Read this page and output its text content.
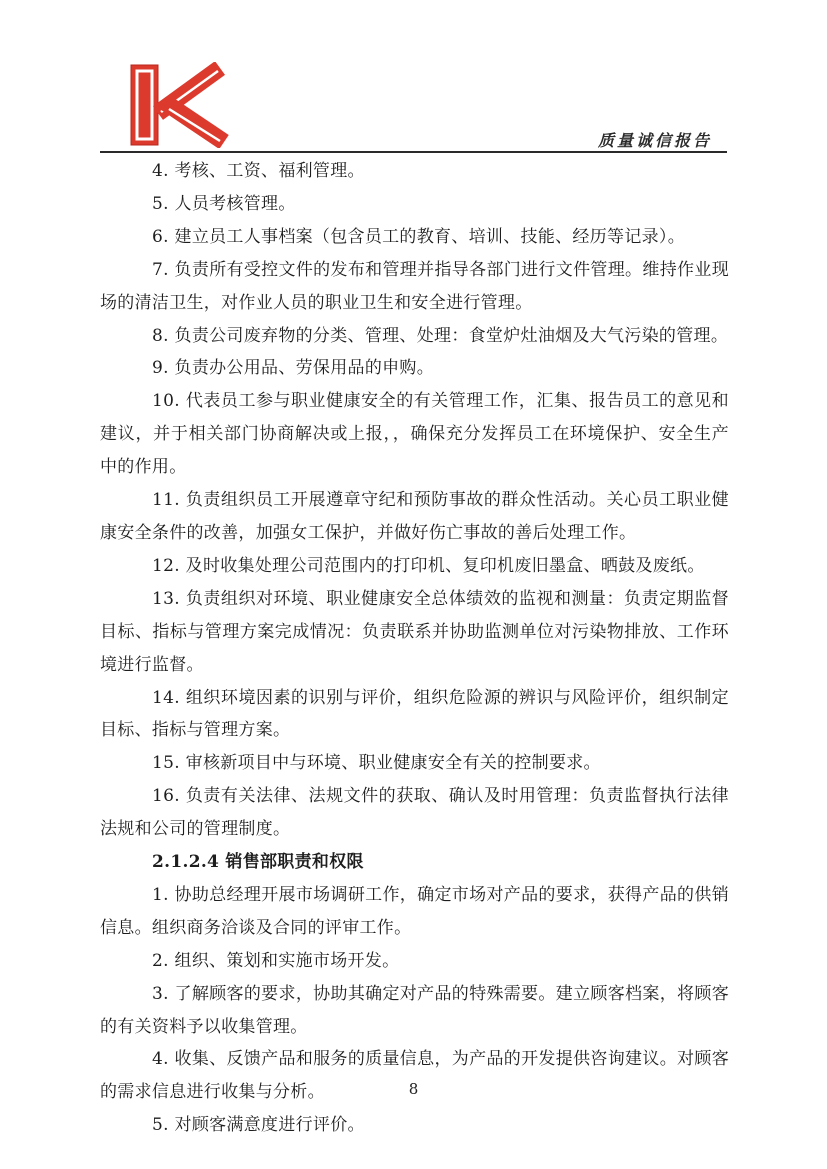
质量诚信报告

4. 考核、工资、福利管理。

5. 人员考核管理。

6. 建立员工人事档案（包含员工的教育、培训、技能、经历等记录）。

7. 负责所有受控文件的发布和管理并指导各部门进行文件管理。维持作业现场的清洁卫生，对作业人员的职业卫生和安全进行管理。

8. 负责公司废弃物的分类、管理、处理：食堂炉灶油烟及大气污染的管理。

9. 负责办公用品、劳保用品的申购。

10. 代表员工参与职业健康安全的有关管理工作，汇集、报告员工的意见和建议，并于相关部门协商解决或上报，，确保充分发挥员工在环境保护、安全生产中的作用。

11. 负责组织员工开展遵章守纪和预防事故的群众性活动。关心员工职业健康安全条件的改善，加强女工保护，并做好伤亡事故的善后处理工作。

12. 及时收集处理公司范围内的打印机、复印机废旧墨盒、晒鼓及废纸。

13. 负责组织对环境、职业健康安全总体绩效的监视和测量：负责定期监督目标、指标与管理方案完成情况：负责联系并协助监测单位对污染物排放、工作环境进行监督。

14. 组织环境因素的识别与评价，组织危险源的辨识与风险评价，组织制定目标、指标与管理方案。

15. 审核新项目中与环境、职业健康安全有关的控制要求。

16. 负责有关法律、法规文件的获取、确认及时用管理：负责监督执行法律法规和公司的管理制度。

2.1.2.4 销售部职责和权限

1. 协助总经理开展市场调研工作，确定市场对产品的要求，获得产品的供销信息。组织商务洽谈及合同的评审工作。

2. 组织、策划和实施市场开发。

3. 了解顾客的要求，协助其确定对产品的特殊需要。建立顾客档案，将顾客的有关资料予以收集管理。

4. 收集、反馈产品和服务的质量信息，为产品的开发提供咨询建议。对顾客的需求信息进行收集与分析。

5. 对顾客满意度进行评价。

8
